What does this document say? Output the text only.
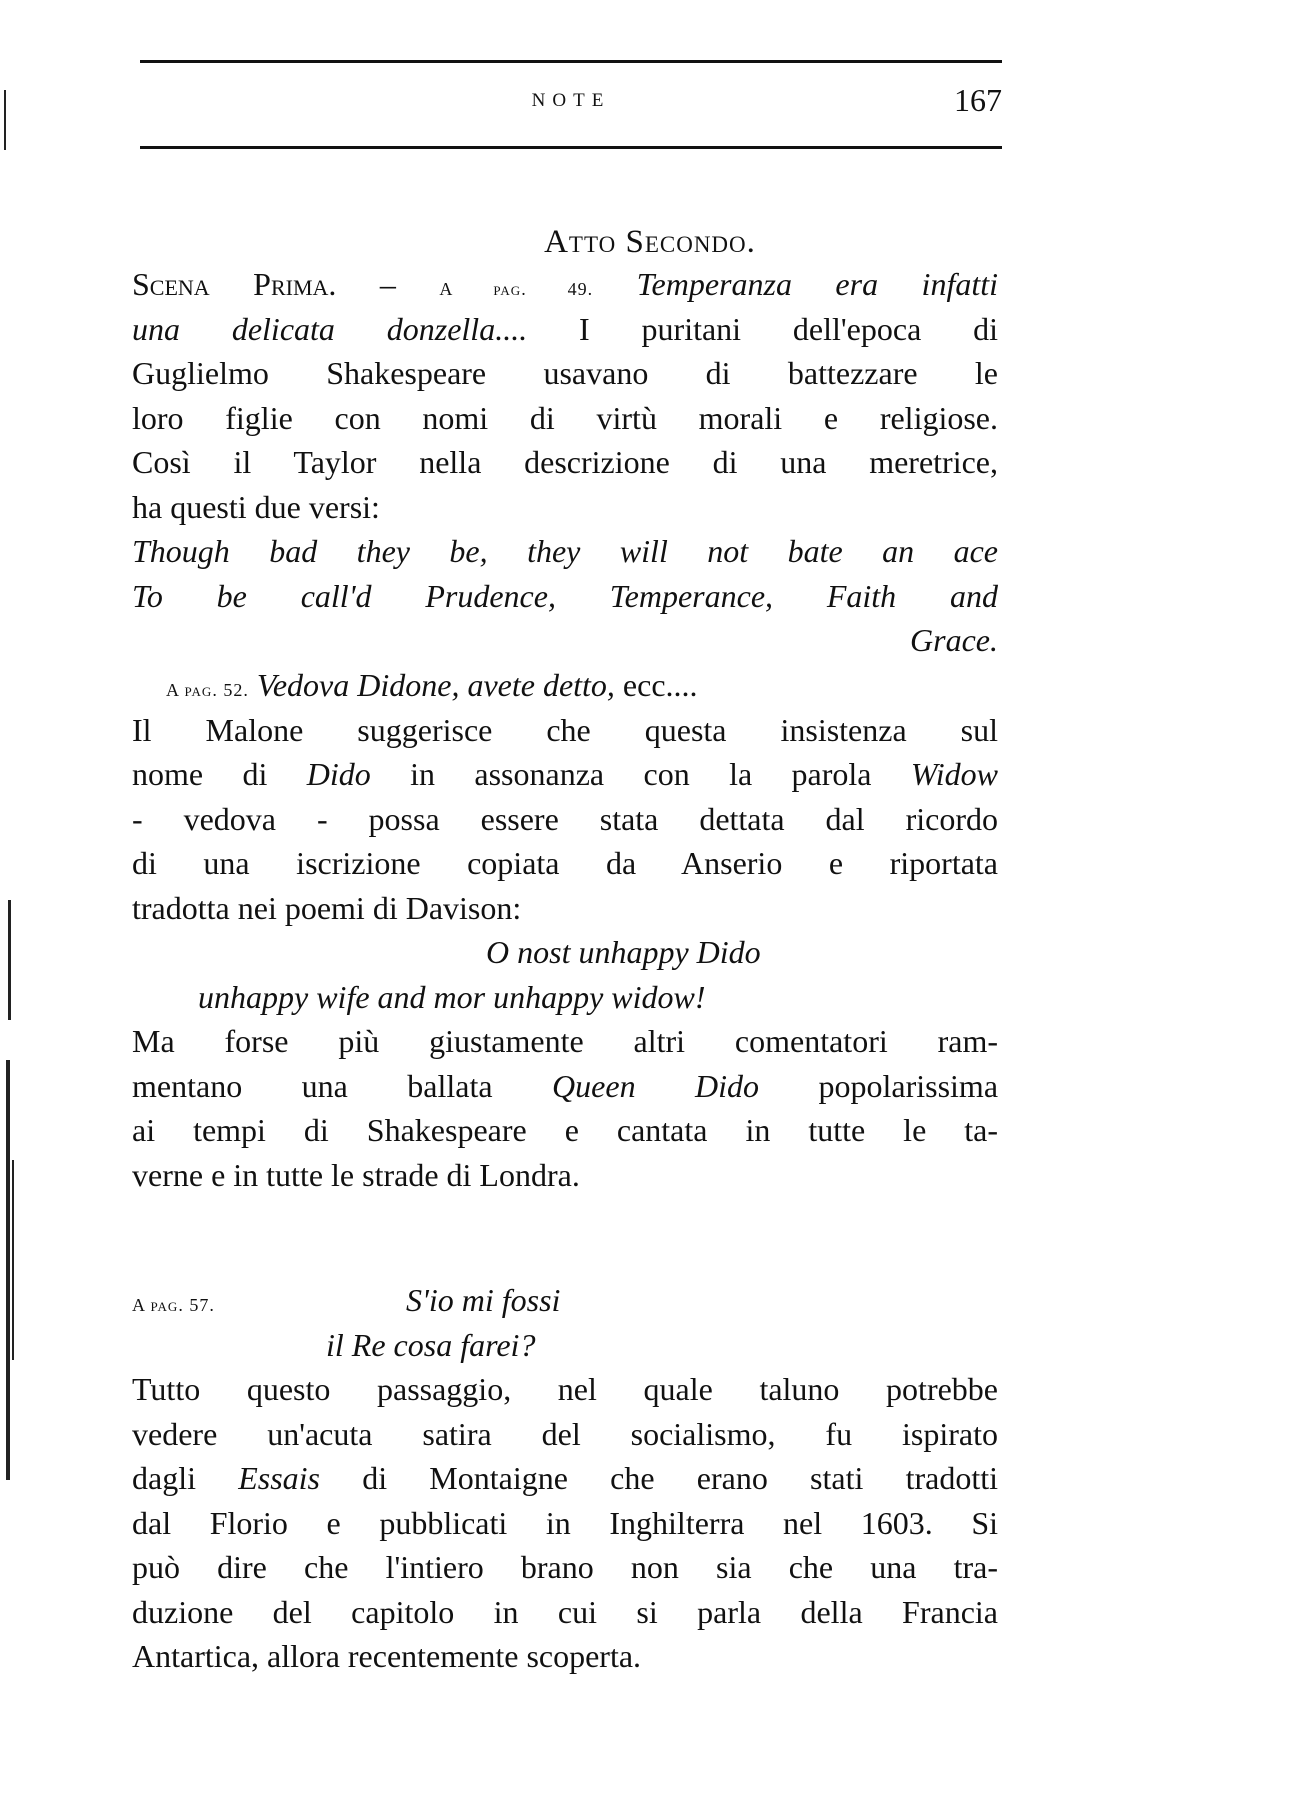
NOTE	167
Atto Secondo.
Scena Prima. – A pag. 49. Temperanza era infatti
una delicata donzella.... I puritani dell'epoca di
Guglielmo Shakespeare usavano di battezzare le
loro figlie con nomi di virtù morali e religiose.
Così il Taylor nella descrizione di una meretrice,
ha questi due versi:
Though bad they be, they will not bate an ace
To be call'd Prudence, Temperance, Faith and
Grace.
A pag. 52. Vedova Didone, avete detto, ecc....
Il Malone suggerisce che questa insistenza sul
nome di Dido in assonanza con la parola Widow
- vedova - possa essere stata dettata dal ricordo
di una iscrizione copiata da Anserio e riportata
tradotta nei poemi di Davison:
O nost unhappy Dido
unhappy wife and mor unhappy widow!
Ma forse più giustamente altri comentatori ram-
mentano una ballata Queen Dido popolarissima
ai tempi di Shakespeare e cantata in tutte le ta-
verne e in tutte le strade di Londra.
A pag. 57.	S'io mi fossi
il Re cosa farei?
Tutto questo passaggio, nel quale taluno potrebbe
vedere un'acuta satira del socialismo, fu ispirato
dagli Essais di Montaigne che erano stati tradotti
dal Florio e pubblicati in Inghilterra nel 1603. Si
può dire che l'intiero brano non sia che una tra-
duzione del capitolo in cui si parla della Francia
Antartica, allora recentemente scoperta.
